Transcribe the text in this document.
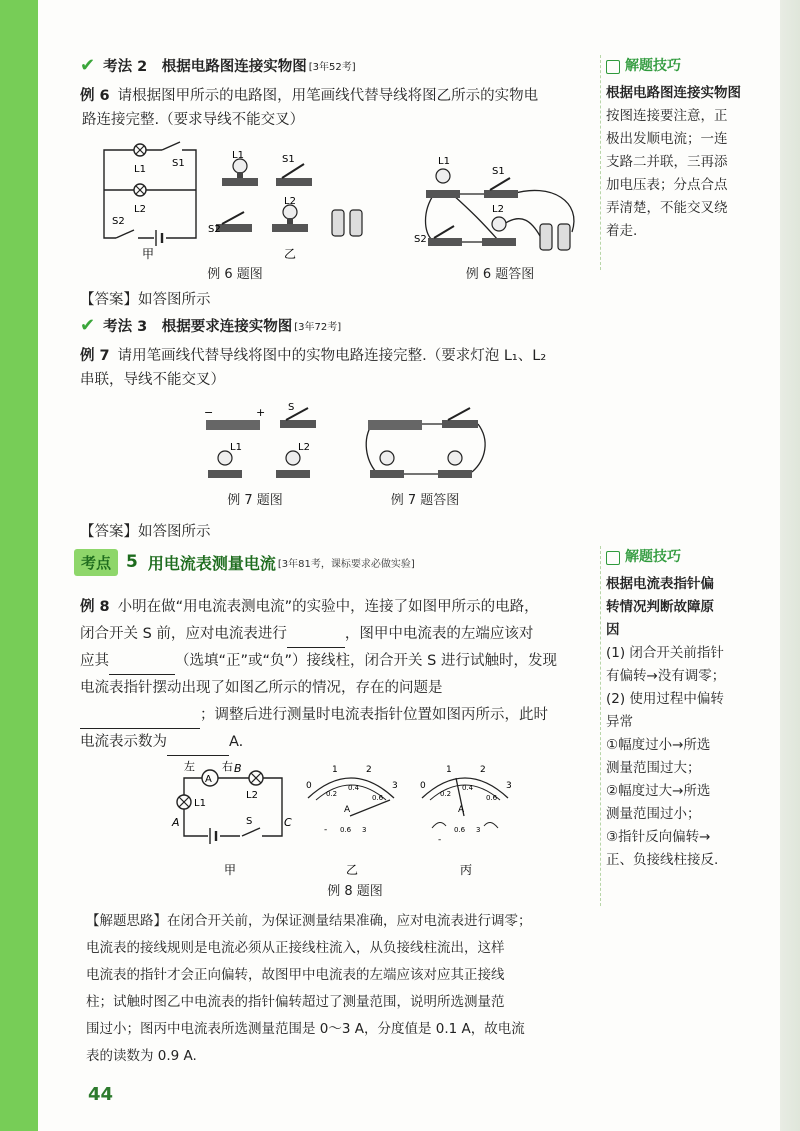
✔ 考法 2　根据电路图连接实物图 [3年52考]
例 6 请根据图甲所示的电路图，用笔画线代替导线将图乙所示的实物电
路连接完整.（要求导线不能交叉）
L1
S1
L2
S2
甲
L1	S1
L2
S2
乙
例 6 题图
L1
S1
L2
S2
例 6 题答图
【答案】如答图所示
✔ 考法 3　根据要求连接实物图 [3年72考]
例 7 请用笔画线代替导线将图中的实物电路连接完整.（要求灯泡 L₁、L₂
串联，导线不能交叉）
−	+ S
L1	L2
例 7 题图	例 7 题答图
【答案】如答图所示
考点 5 用电流表测量电流 [3年81考，课标要求必做实验]
例 8 小明在做“用电流表测电流”的实验中，连接了如图甲所示的电路，
闭合开关 S 前，应对电流表进行	，图甲中电流表的左端应该对
应其	（选填“正”或“负”）接线柱，闭合开关 S 进行试触时，发现
电流表指针摆动出现了如图乙所示的情况，存在的问题是
；调整后进行测量时电流表指针位置如图丙所示，此时
电流表示数为	A.
A
左 右 B
L1
L2
A	C
S
甲
0
1	2
3
0.2
0.4
0.6
A
- 0.6 3
乙
0
1	2
3
0.2
0.4
0.6
A
-
0.6 3
丙
例 8 题图
【解题思路】在闭合开关前，为保证测量结果准确，应对电流表进行调零；
电流表的接线规则是电流必须从正接线柱流入，从负接线柱流出，这样
电流表的指针才会正向偏转，故图甲中电流表的左端应该对应其正接线
柱；试触时图乙中电流表的指针偏转超过了测量范围，说明所选测量范
围过小；图丙中电流表所选测量范围是 0～3 A，分度值是 0.1 A，故电流
表的读数为 0.9 A.
解题技巧
根据电路图连接实物图
按图连接要注意，正
极出发顺电流；一连
支路二并联，三再添
加电压表；分点合点
弄清楚，不能交叉绕
着走.
解题技巧
根据电流表指针偏
转情况判断故障原
因
(1) 闭合开关前指针
有偏转→没有调零；
(2) 使用过程中偏转
异常
①幅度过小→所选
测量范围过大；
②幅度过大→所选
测量范围过小；
③指针反向偏转→
正、负接线柱接反.
44
